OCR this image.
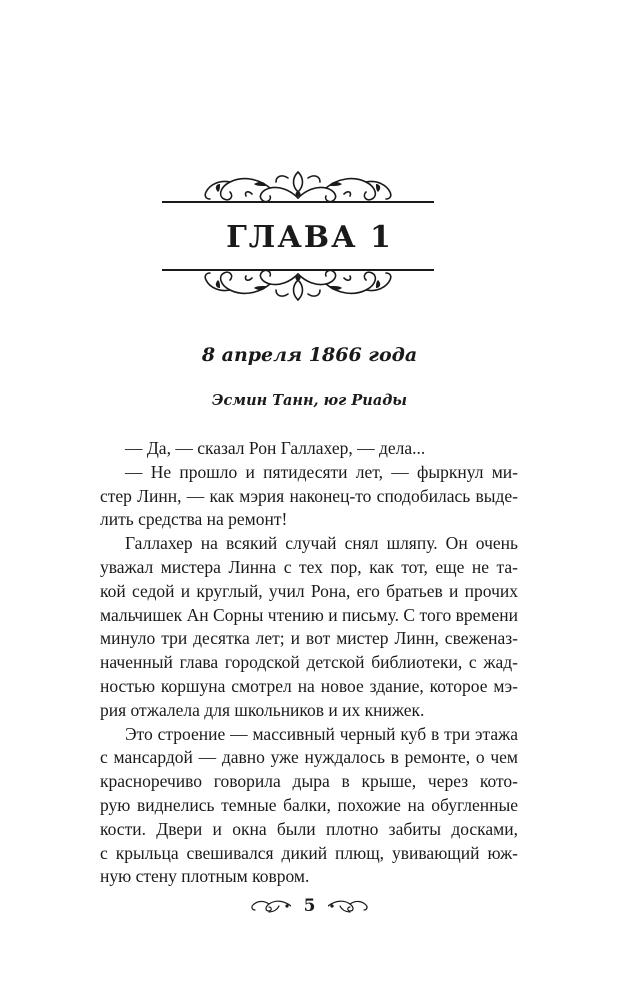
ГЛАВА 1
8 апреля 1866 года
Эсмин Танн, юг Риады
— Да, — сказал Рон Галлахер, — дела...
— Не прошло и пятидесяти лет, — фыркнул ми-
стер Линн, — как мэрия наконец-то сподобилась выде-
лить средства на ремонт!
Галлахер на всякий случай снял шляпу. Он очень
уважал мистера Линна с тех пор, как тот, еще не та-
кой седой и круглый, учил Рона, его братьев и прочих
мальчишек Ан Сорны чтению и письму. С того времени
минуло три десятка лет; и вот мистер Линн, свеженаз-
наченный глава городской детской библиотеки, с жад-
ностью коршуна смотрел на новое здание, которое мэ-
рия отжалела для школьников и их книжек.
Это строение — массивный черный куб в три этажа
с мансардой — давно уже нуждалось в ремонте, о чем
красноречиво говорила дыра в крыше, через кото-
рую виднелись темные балки, похожие на обугленные
кости. Двери и окна были плотно забиты досками,
с крыльца свешивался дикий плющ, увивающий юж-
ную стену плотным ковром.
5
